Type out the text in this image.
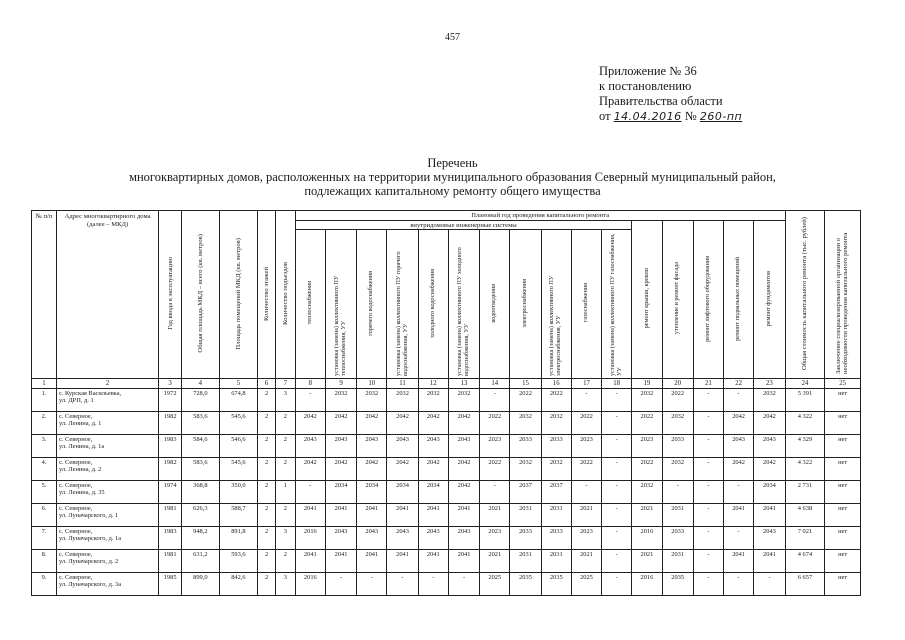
457
Приложение № 36
к постановлению
Правительства области
от 14.04.2016 № 260-пп
Перечень
многоквартирных домов, расположенных на территории муниципального образования Северный муниципальный район,
подлежащих капитальному ремонту общего имущества
№ п/п	Адрес многоквартирного дома (далее – МКД)	Год ввода в эксплуатацию	Общая площадь МКД – всего (кв. метров)	Площадь помещений МКД (кв. метров)	Количество этажей	Количество подъездов	Плановый год проведения капитального ремонта																Общая стоимость капитального ремонта (тыс. рублей)	Заключение специализированной организации о необходимости проведения капитального ремонта
							внутридомовые инженерные системы											ремонт крыши, кровли	утепление и ремонт фасада	ремонт лифтового оборудования	ремонт подвальных помещений	ремонт фундаментов		
							теплоснабжения	установка (замена) коллективного ПУ теплоснабжения, УУ	горячего водоснабжения	установка (замена) коллективного ПУ горячего водоснабжения, УУ	холодного водоснабжения	установка (замена) коллективного ПУ холодного водоснабжения, УУ	водоотведения	электроснабжения	установка (замена) коллективного ПУ электроснабжения, УУ	газоснабжения	установка (замена) коллективного ПУ газоснабжения, УУ							
1	2	3	4	5	6	7	8	9	10	11	12	13	14	15	16	17	18	19	20	21	22	23	24	25
1.	с. Курская Васильевка,
ул. ДРП, д. 1	1972	728,0	674,8	2	3	-	2032	2032	2032	2032	2032	-	2022	2022	-	-	2032	2022	-	-	2032	5 391	нет
2.	с. Северное,
ул. Ленина, д. 1	1982	583,6	545,6	2	2	2042	2042	2042	2042	2042	2042	2022	2032	2032	2022	-	2022	2032	-	2042	2042	4 322	нет
3.	с. Северное,
ул. Ленина, д. 1а	1983	584,6	546,6	2	2	2043	2043	2043	2043	2043	2043	2023	2033	2033	2023	-	2023	2033	-	2043	2043	4 329	нет
4.	с. Северное,
ул. Ленина, д. 2	1982	583,6	545,6	2	2	2042	2042	2042	2042	2042	2042	2022	2032	2032	2022	-	2022	2032	-	2042	2042	4 322	нет
5.	с. Северное,
ул. Ленина, д. 35	1974	368,8	350,0	2	1	-	2034	2034	2034	2034	2042	-	2037	2037	-	-	2032	-	-	-	2034	2 731	нет
6.	с. Северное,
ул. Луначарского, д. 1	1981	626,3	588,7	2	2	2041	2041	2041	2041	2041	2041	2021	2031	2031	2021	-	2021	2031	-	2041	2041	4 638	нет
7.	с. Северное,
ул. Луначарского, д. 1а	1983	948,2	891,8	2	3	2016	2043	2043	2043	2043	2043	2023	2033	2033	2023	-	2016	2033	-	-	2043	7 021	нет
8.	с. Северное,
ул. Луначарского, д. 2	1981	631,2	593,6	2	2	2041	2041	2041	2041	2041	2041	2021	2031	2031	2021	-	2021	2031	-	2041	2041	4 674	нет
9.	с. Северное,
ул. Луначарского, д. 3а	1985	899,0	842,6	2	3	2016	-	-	-	-	-	2025	2035	2035	2025	-	2016	2035	-	-	-	6 657	нет
